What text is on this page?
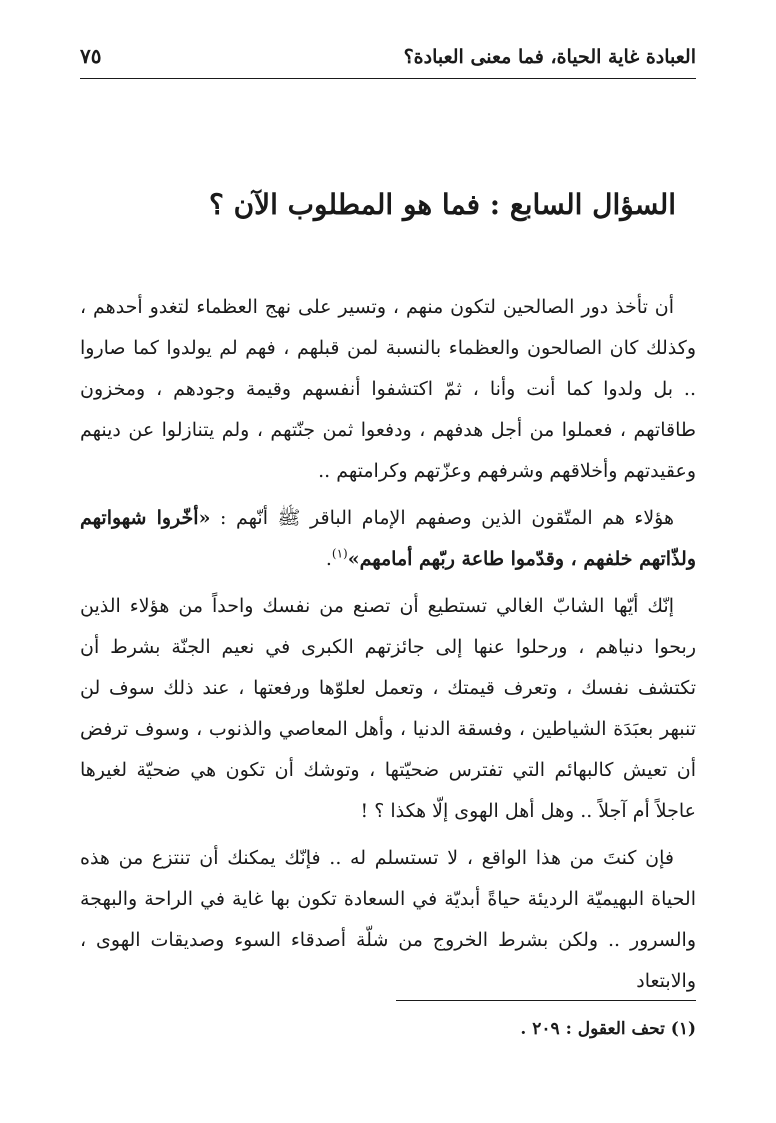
العبادة غاية الحياة، فما معنى العبادة؟
٧٥
السؤال السابع : فما هو المطلوب الآن ؟

أن تأخذ دور الصالحين لتكون منهم ، وتسير على نهج العظماء لتغدو أحدهم ، وكذلك كان الصالحون والعظماء بالنسبة لمن قبلهم ، فهم لم يولدوا كما صاروا .. بل ولدوا كما أنت وأنا ، ثمّ اكتشفوا أنفسهم وقيمة وجودهم ، ومخزون طاقاتهم ، فعملوا من أجل هدفهم ، ودفعوا ثمن جنّتهم ، ولم يتنازلوا عن دينهم وعقيدتهم وأخلاقهم وشرفهم وعزّتهم وكرامتهم ..

هؤلاء هم المتّقون الذين وصفهم الإمام الباقر ﷺ أنّهم : «أخّروا شهواتهم ولذّاتهم خلفهم ، وقدّموا طاعة ربّهم أمامهم»$^{(١)}$.

إنّك أيّها الشابّ الغالي تستطيع أن تصنع من نفسك واحداً من هؤلاء الذين ربحوا دنياهم ، ورحلوا عنها إلى جائزتهم الكبرى في نعيم الجنّة بشرط أن تكتشف نفسك ، وتعرف قيمتك ، وتعمل لعلوّها ورفعتها ، عند ذلك سوف لن تنبهر بعبَدَة الشياطين ، وفسقة الدنيا ، وأهل المعاصي والذنوب ، وسوف ترفض أن تعيش كالبهائم التي تفترس ضحيّتها ، وتوشك أن تكون هي ضحيّة لغيرها عاجلاً أم آجلاً .. وهل أهل الهوى إلّا هكذا ؟ !

فإن كنتَ من هذا الواقع ، لا تستسلم له .. فإنّك يمكنك أن تنتزع من هذه الحياة البهيميّة الرديئة حياةً أبديّة في السعادة تكون بها غاية في الراحة والبهجة والسرور .. ولكن بشرط الخروج من شلّة أصدقاء السوء وصديقات الهوى ، والابتعاد

(١) تحف العقول : ٢٠٩ .
